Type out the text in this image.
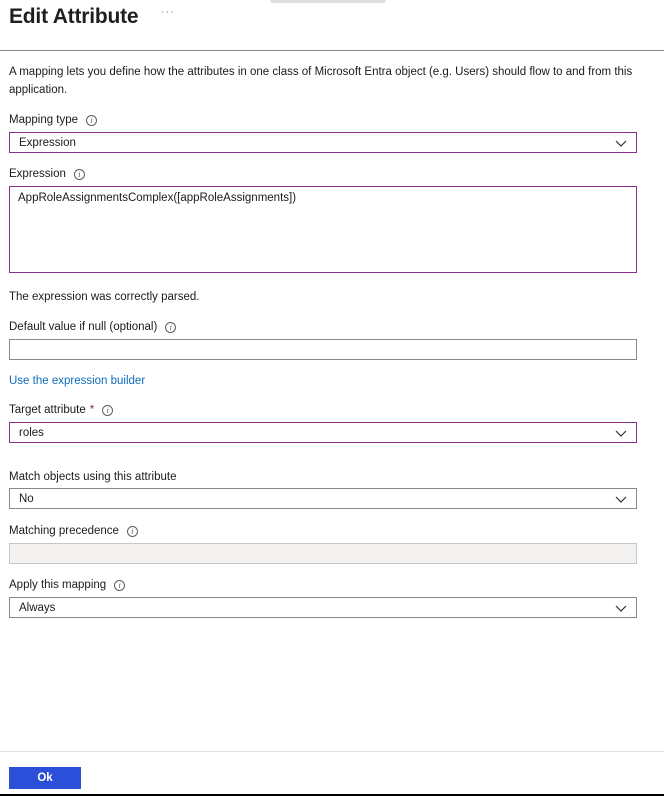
Edit Attribute ···
A mapping lets you define how the attributes in one class of Microsoft Entra object (e.g. Users) should flow to and from this application.
Mapping type	i
Expression
Expression	i
AppRoleAssignmentsComplex([appRoleAssignments])
The expression was correctly parsed.
Default value if null (optional)	i
Use the expression builder
Target attribute *	i
roles
Match objects using this attribute
No
Matching precedence	i
Apply this mapping	i
Always
Ok
